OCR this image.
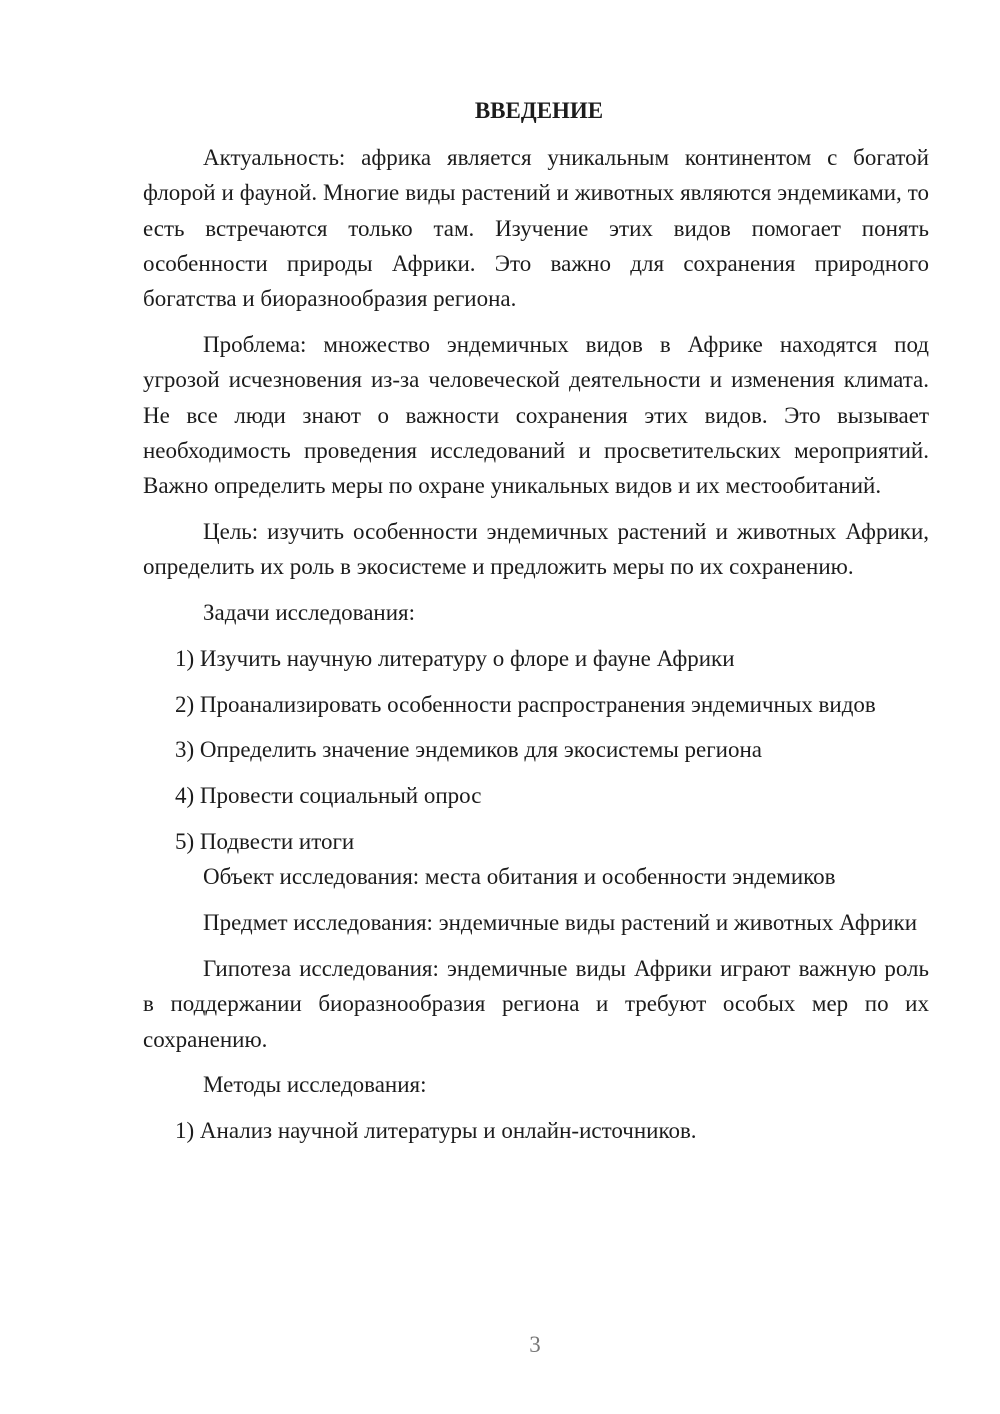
ВВЕДЕНИЕ

Актуальность: африка является уникальным континентом с богатой флорой и фауной. Многие виды растений и животных являются эндемиками, то есть встречаются только там. Изучение этих видов помогает понять особенности природы Африки. Это важно для сохранения природного богатства и биоразнообразия региона.

Проблема: множество эндемичных видов в Африке находятся под угрозой исчезновения из-за человеческой деятельности и изменения климата. Не все люди знают о важности сохранения этих видов. Это вызывает необходимость проведения исследований и просветительских мероприятий. Важно определить меры по охране уникальных видов и их местообитаний.

Цель: изучить особенности эндемичных растений и животных Африки, определить их роль в экосистеме и предложить меры по их сохранению.

Задачи исследования:

1) Изучить научную литературу о флоре и фауне Африки

2) Проанализировать особенности распространения эндемичных видов

3) Определить значение эндемиков для экосистемы региона

4) Провести социальный опрос

5) Подвести итоги

Объект исследования: места обитания и особенности эндемиков

Предмет исследования: эндемичные виды растений и животных Африки

Гипотеза исследования: эндемичные виды Африки играют важную роль в поддержании биоразнообразия региона и требуют особых мер по их сохранению.

Методы исследования:

1) Анализ научной литературы и онлайн-источников.

3
